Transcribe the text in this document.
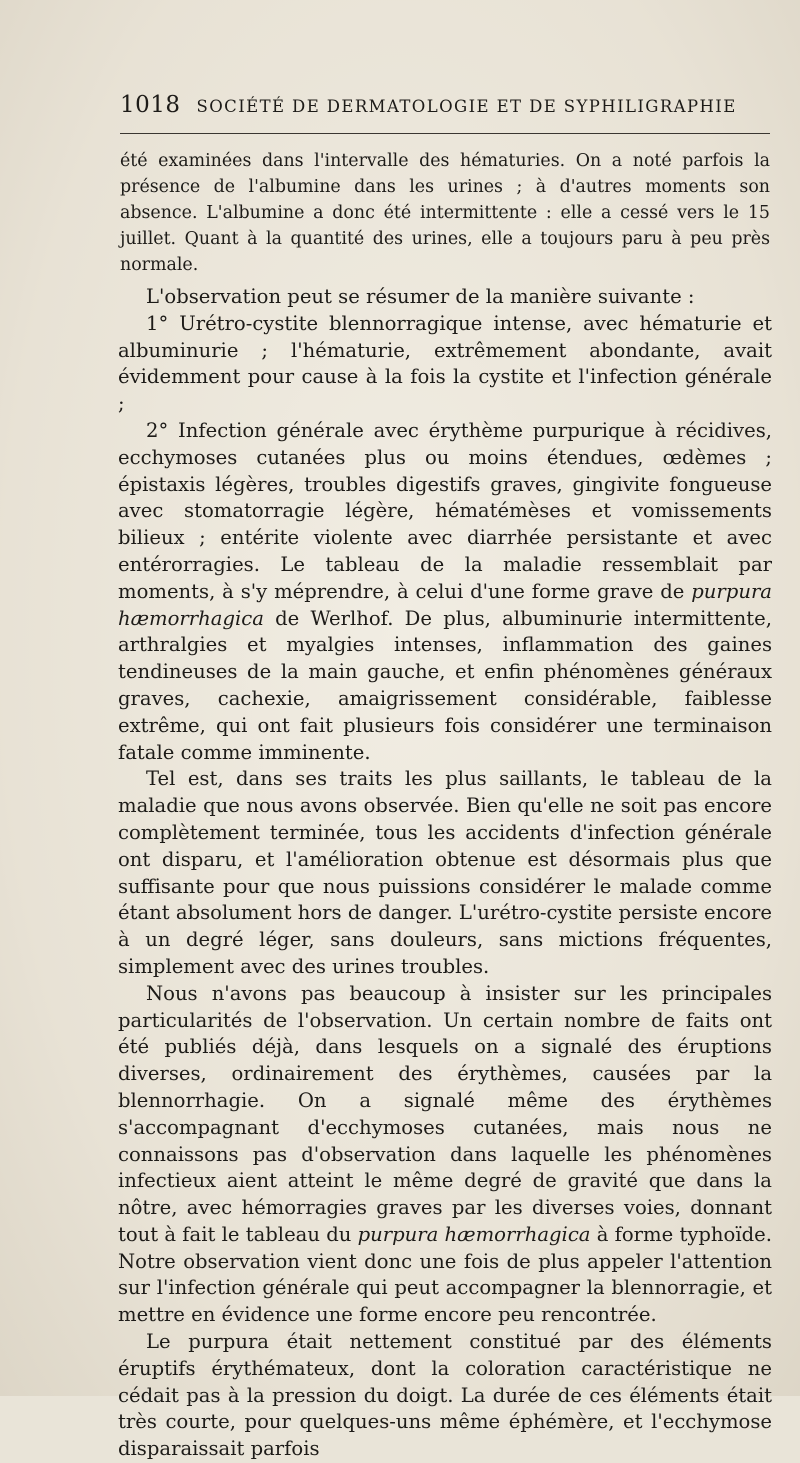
1018 SOCIÉTÉ DE DERMATOLOGIE ET DE SYPHILIGRAPHIE

été examinées dans l'intervalle des hématuries. On a noté parfois la présence de l'albumine dans les urines ; à d'autres moments son absence. L'albumine a donc été intermittente : elle a cessé vers le 15 juillet. Quant à la quantité des urines, elle a toujours paru à peu près normale.

L'observation peut se résumer de la manière suivante :

1° Urétro-cystite blennorragique intense, avec hématurie et albuminurie ; l'hématurie, extrêmement abondante, avait évidemment pour cause à la fois la cystite et l'infection générale ;

2° Infection générale avec érythème purpurique à récidives, ecchymoses cutanées plus ou moins étendues, œdèmes ; épistaxis légères, troubles digestifs graves, gingivite fongueuse avec stomatorragie légère, hématémèses et vomissements bilieux ; entérite violente avec diarrhée persistante et avec entérorragies. Le tableau de la maladie ressemblait par moments, à s'y méprendre, à celui d'une forme grave de purpura hæmorrhagica de Werlhof. De plus, albuminurie intermittente, arthralgies et myalgies intenses, inflammation des gaines tendineuses de la main gauche, et enfin phénomènes généraux graves, cachexie, amaigrissement considérable, faiblesse extrême, qui ont fait plusieurs fois considérer une terminaison fatale comme imminente.

Tel est, dans ses traits les plus saillants, le tableau de la maladie que nous avons observée. Bien qu'elle ne soit pas encore complètement terminée, tous les accidents d'infection générale ont disparu, et l'amélioration obtenue est désormais plus que suffisante pour que nous puissions considérer le malade comme étant absolument hors de danger. L'urétro-cystite persiste encore à un degré léger, sans douleurs, sans mictions fréquentes, simplement avec des urines troubles.

Nous n'avons pas beaucoup à insister sur les principales particularités de l'observation. Un certain nombre de faits ont été publiés déjà, dans lesquels on a signalé des éruptions diverses, ordinairement des érythèmes, causées par la blennorrhagie. On a signalé même des érythèmes s'accompagnant d'ecchymoses cutanées, mais nous ne connaissons pas d'observation dans laquelle les phénomènes infectieux aient atteint le même degré de gravité que dans la nôtre, avec hémorragies graves par les diverses voies, donnant tout à fait le tableau du purpura hæmorrhagica à forme typhoïde. Notre observation vient donc une fois de plus appeler l'attention sur l'infection générale qui peut accompagner la blennorragie, et mettre en évidence une forme encore peu rencontrée.

Le purpura était nettement constitué par des éléments éruptifs érythémateux, dont la coloration caractéristique ne cédait pas à la pression du doigt. La durée de ces éléments était très courte, pour quelques-uns même éphémère, et l'ecchymose disparaissait parfois
